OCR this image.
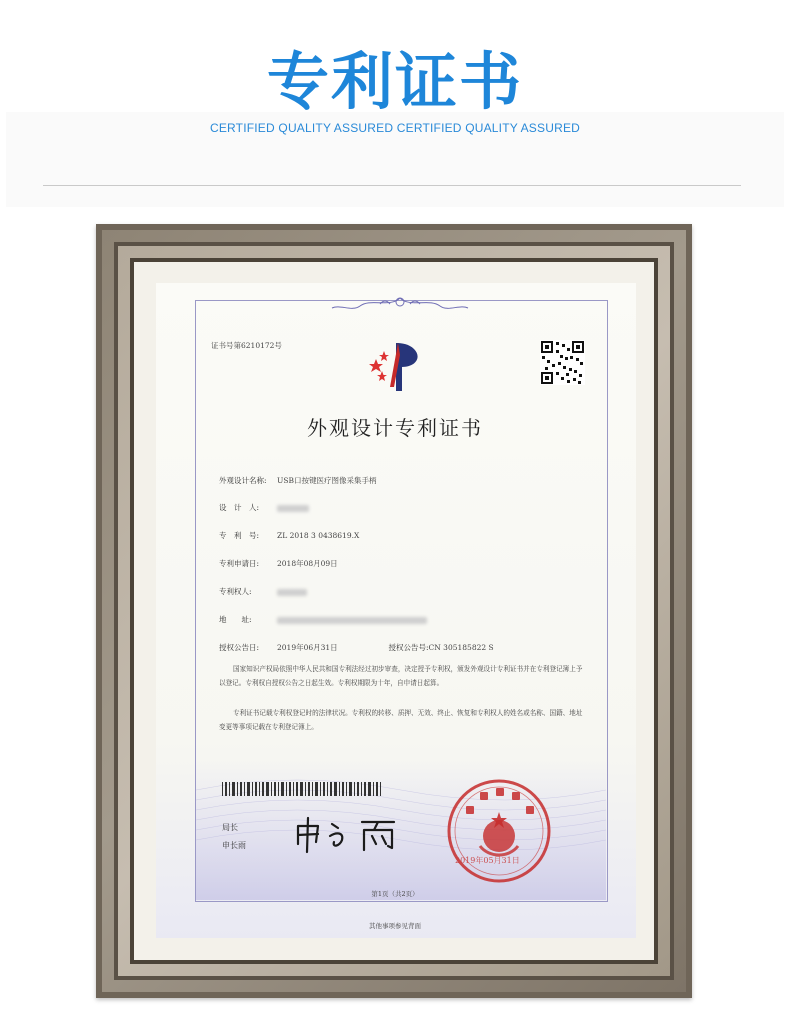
专利证书
CERTIFIED QUALITY ASSURED CERTIFIED QUALITY ASSURED
证书号第6210172号
外观设计专利证书
外观设计名称: USB口按键医疗图像采集手柄
设　计　人:
专　利　号: ZL 2018 3 0438619.X
专利申请日: 2018年08月09日
专利权人:
地　　址:
授权公告日: 2019年06月31日	授权公告号:CN 305185822 S
国家知识产权局依照中华人民共和国专利法经过初步审查，决定授予专利权，颁发外观设计专利证书并在专利登记簿上予以登记。专利权自授权公告之日起生效。专利权期限为十年，自申请日起算。
专利证书记载专利权登记时的法律状况。专利权的转移、质押、无效、终止、恢复和专利权人的姓名或名称、国籍、地址变更等事项记载在专利登记簿上。
局长
申长雨
2019年05月31日
第1页（共2页）
其他事项参见背面
